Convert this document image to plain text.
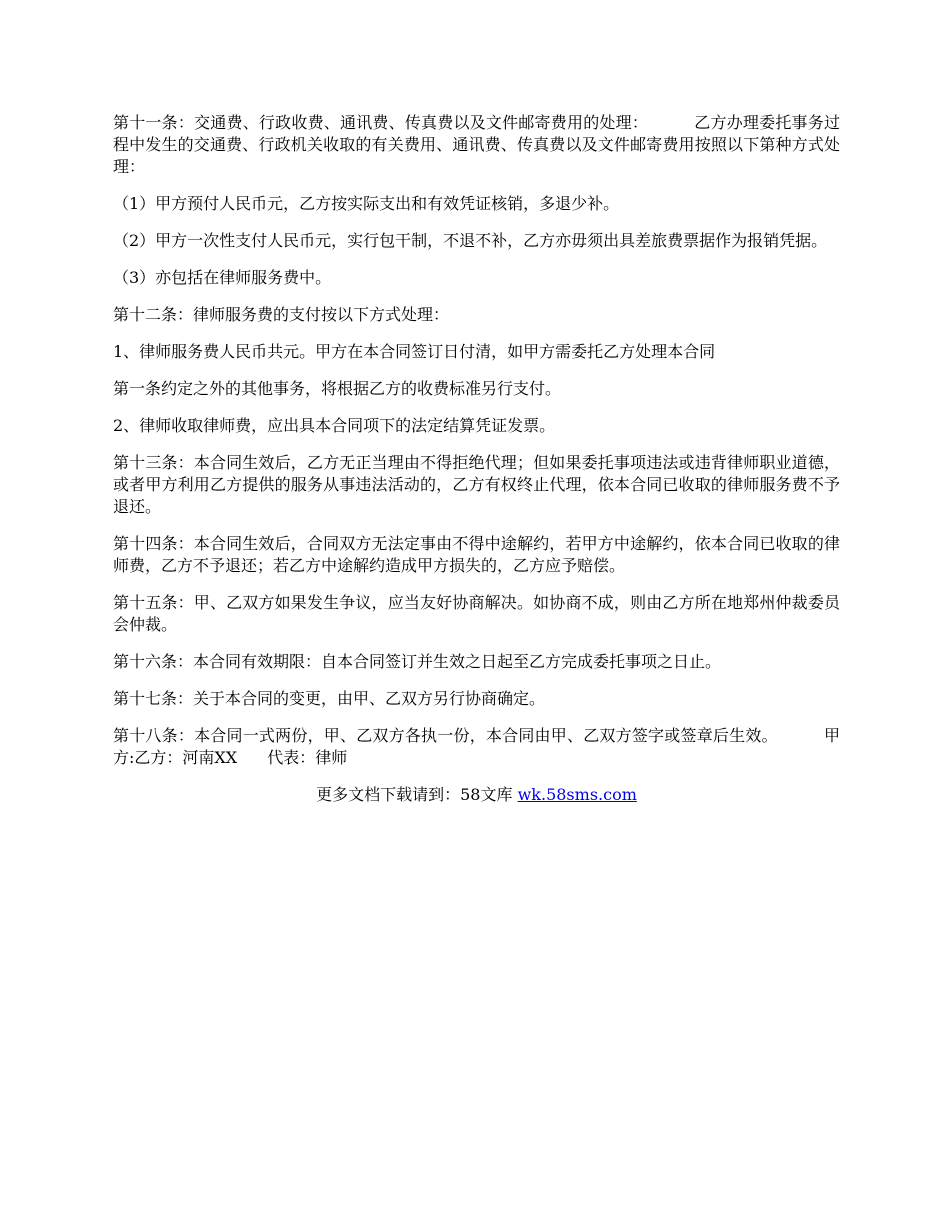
第十一条：交通费、行政收费、通讯费、传真费以及文件邮寄费用的处理：	乙方办理委托事务过程中发生的交通费、行政机关收取的有关费用、通讯费、传真费以及文件邮寄费用按照以下第种方式处理：

（1）甲方预付人民币元，乙方按实际支出和有效凭证核销，多退少补。

（2）甲方一次性支付人民币元，实行包干制，不退不补，乙方亦毋须出具差旅费票据作为报销凭据。

（3）亦包括在律师服务费中。

第十二条：律师服务费的支付按以下方式处理：

1、律师服务费人民币共元。甲方在本合同签订日付清，如甲方需委托乙方处理本合同

第一条约定之外的其他事务，将根据乙方的收费标准另行支付。

2、律师收取律师费，应出具本合同项下的法定结算凭证发票。

第十三条：本合同生效后，乙方无正当理由不得拒绝代理；但如果委托事项违法或违背律师职业道德，或者甲方利用乙方提供的服务从事违法活动的，乙方有权终止代理，依本合同已收取的律师服务费不予退还。

第十四条：本合同生效后，合同双方无法定事由不得中途解约，若甲方中途解约，依本合同已收取的律师费，乙方不予退还；若乙方中途解约造成甲方损失的，乙方应予赔偿。

第十五条：甲、乙双方如果发生争议，应当友好协商解决。如协商不成，则由乙方所在地郑州仲裁委员会仲裁。

第十六条：本合同有效期限：自本合同签订并生效之日起至乙方完成委托事项之日止。

第十七条：关于本合同的变更，由甲、乙双方另行协商确定。

第十八条：本合同一式两份，甲、乙双方各执一份，本合同由甲、乙双方签字或签章后生效。	甲方:乙方：河南XX 代表：律师

更多文档下载请到：58文库 wk.58sms.com
